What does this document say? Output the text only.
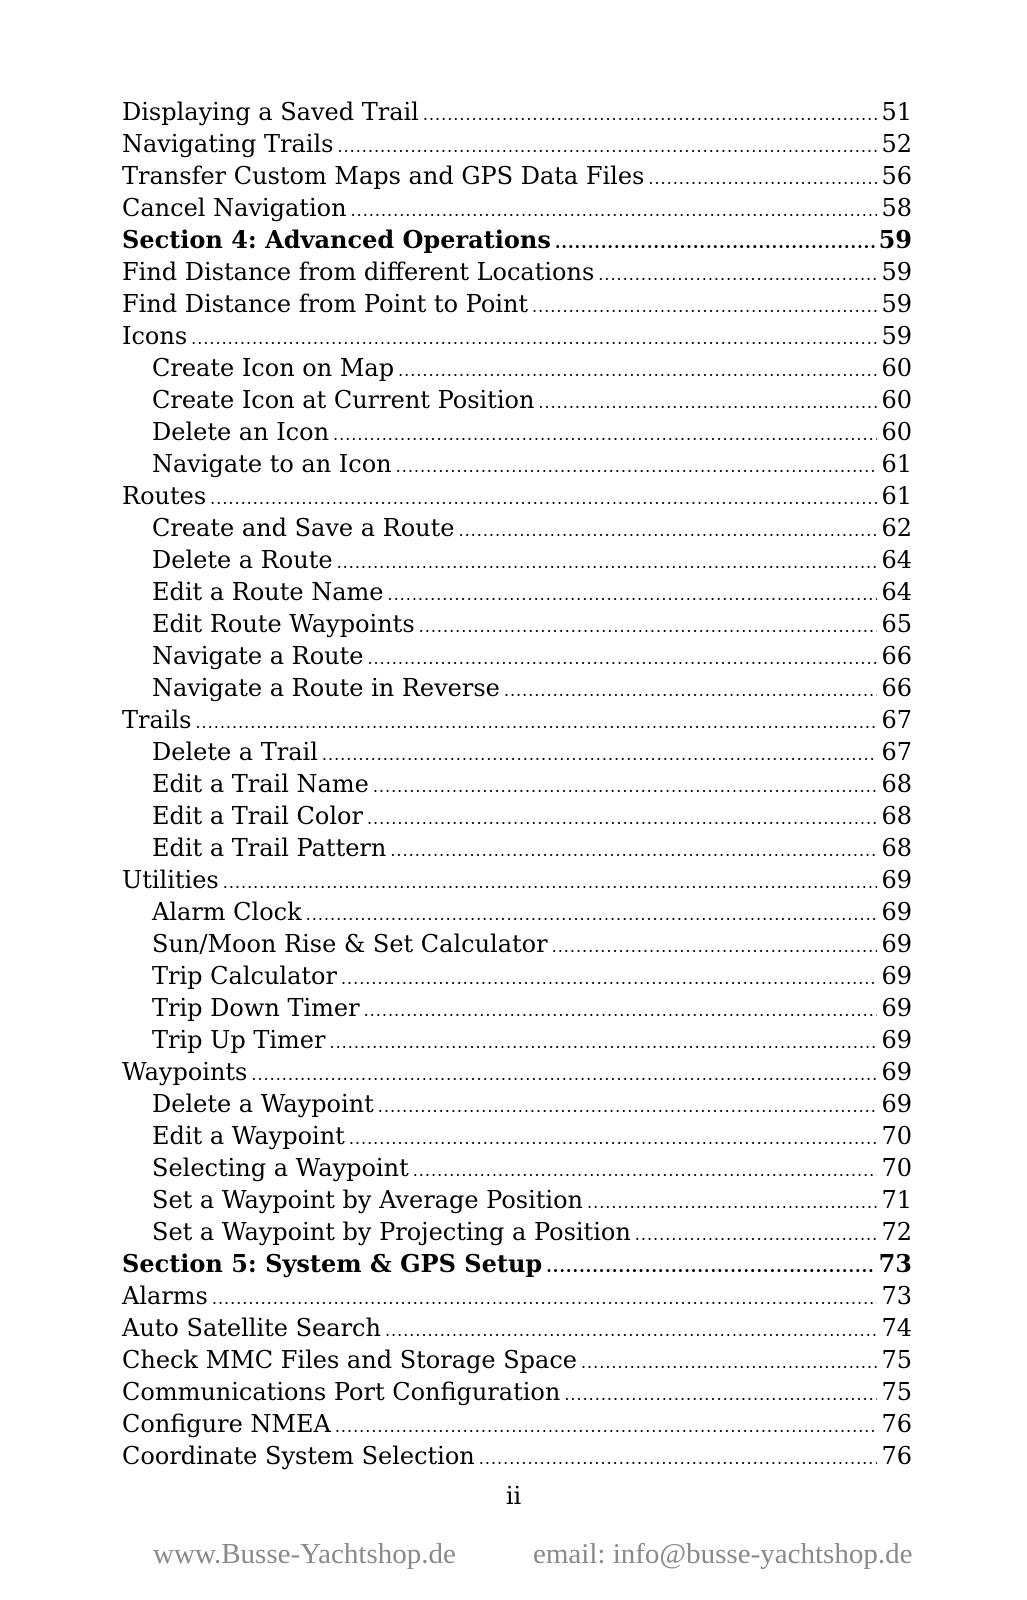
Displaying a Saved Trail .....	51
Navigating Trails .....	52
Transfer Custom Maps and GPS Data Files .....	56
Cancel Navigation .....	58
Section 4: Advanced Operations .....	59
Find Distance from different Locations .....	59
Find Distance from Point to Point .....	59
Icons .....	59
Create Icon on Map .....	60
Create Icon at Current Position .....	60
Delete an Icon .....	60
Navigate to an Icon .....	61
Routes .....	61
Create and Save a Route .....	62
Delete a Route .....	64
Edit a Route Name .....	64
Edit Route Waypoints .....	65
Navigate a Route .....	66
Navigate a Route in Reverse .....	66
Trails .....	67
Delete a Trail .....	67
Edit a Trail Name .....	68
Edit a Trail Color .....	68
Edit a Trail Pattern .....	68
Utilities .....	69
Alarm Clock .....	69
Sun/Moon Rise & Set Calculator .....	69
Trip Calculator .....	69
Trip Down Timer .....	69
Trip Up Timer .....	69
Waypoints .....	69
Delete a Waypoint .....	69
Edit a Waypoint .....	70
Selecting a Waypoint .....	70
Set a Waypoint by Average Position .....	71
Set a Waypoint by Projecting a Position .....	72
Section 5: System & GPS Setup .....	73
Alarms .....	73
Auto Satellite Search .....	74
Check MMC Files and Storage Space .....	75
Communications Port Configuration .....	75
Configure NMEA .....	76
Coordinate System Selection .....	76
ii
www.Busse-Yachtshop.de	email: info@busse-yachtshop.de
